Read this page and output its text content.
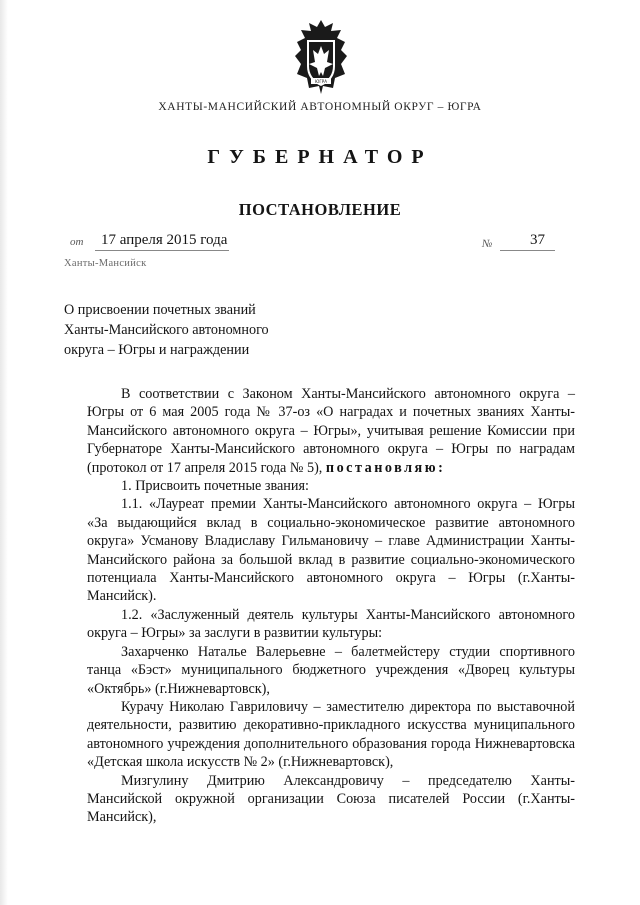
ЮГРА
ХАНТЫ-МАНСИЙСКИЙ АВТОНОМНЫЙ ОКРУГ – ЮГРА
ГУБЕРНАТОР
ПОСТАНОВЛЕНИЕ
от 17 апреля 2015 года	№	37
Ханты-Мансийск
О присвоении почетных званий
Ханты-Мансийского автономного
округа – Югры и награждении

В соответствии с Законом Ханты-Мансийского автономного округа – Югры от 6 мая 2005 года № 37-оз «О наградах и почетных званиях Ханты-Мансийского автономного округа – Югры», учитывая решение Комиссии при Губернаторе Ханты-Мансийского автономного округа – Югры по наградам (протокол от 17 апреля 2015 года № 5), постановляю:

1. Присвоить почетные звания:

1.1. «Лауреат премии Ханты-Мансийского автономного округа – Югры «За выдающийся вклад в социально-экономическое развитие автономного округа» Усманову Владиславу Гильмановичу – главе Администрации Ханты-Мансийского района за большой вклад в развитие социально-экономического потенциала Ханты-Мансийского автономного округа – Югры (г.Ханты-Мансийск).

1.2. «Заслуженный деятель культуры Ханты-Мансийского автономного округа – Югры» за заслуги в развитии культуры:

Захарченко Наталье Валерьевне – балетмейстеру студии спортивного танца «Бэст» муниципального бюджетного учреждения «Дворец культуры «Октябрь» (г.Нижневартовск),

Курачу Николаю Гавриловичу – заместителю директора по выставочной деятельности, развитию декоративно-прикладного искусства муниципального автономного учреждения дополнительного образования города Нижневартовска «Детская школа искусств № 2» (г.Нижневартовск),

Мизгулину Дмитрию Александровичу – председателю Ханты-Мансийской окружной организации Союза писателей России (г.Ханты-Мансийск),
